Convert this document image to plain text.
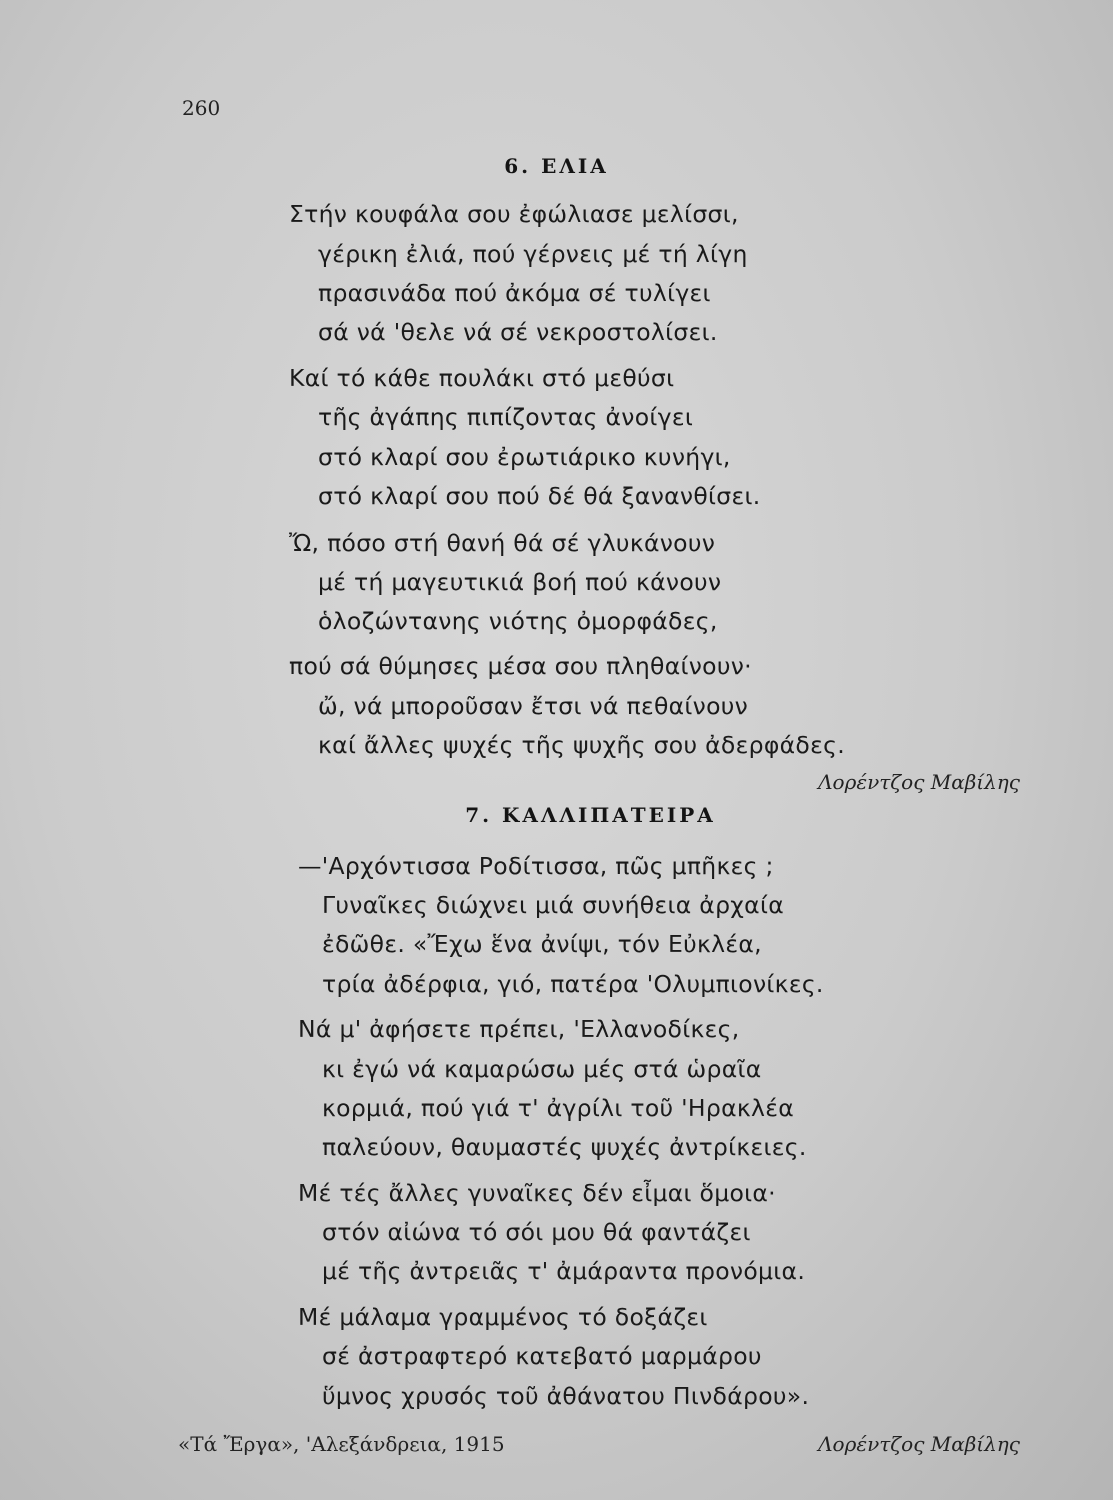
260
6. ΕΛΙΑ
Στήν κουφάλα σου ἐφώλιασε μελίσσι,
γέρικη ἐλιά, πού γέρνεις μέ τή λίγη
πρασινάδα πού ἀκόμα σέ τυλίγει
σά νά 'θελε νά σέ νεκροστολίσει.
Καί τό κάθε πουλάκι στό μεθύσι
τῆς ἀγάπης πιπίζοντας ἀνοίγει
στό κλαρί σου ἐρωτιάρικο κυνήγι,
στό κλαρί σου πού δέ θά ξανανθίσει.
Ὤ, πόσο στή θανή θά σέ γλυκάνουν
μέ τή μαγευτικιά βοή πού κάνουν
ὁλοζώντανης νιότης ὀμορφάδες,
πού σά θύμησες μέσα σου πληθαίνουν·
ὤ, νά μποροῦσαν ἔτσι νά πεθαίνουν
καί ἄλλες ψυχές τῆς ψυχῆς σου ἀδερφάδες.
Λορέντζος Μαβίλης
7. ΚΑΛΛΙΠΑΤΕΙΡΑ
—'Αρχόντισσα Ροδίτισσα, πῶς μπῆκες ;
Γυναῖκες διώχνει μιά συνήθεια ἀρχαία
ἐδῶθε. «Ἔχω ἕνα ἀνίψι, τόν Εὐκλέα,
τρία ἀδέρφια, γιό, πατέρα 'Ολυμπιονίκες.
Νά μ' ἀφήσετε πρέπει, 'Ελλανοδίκες,
κι ἐγώ νά καμαρώσω μές στά ὡραῖα
κορμιά, πού γιά τ' ἀγρίλι τοῦ 'Ηρακλέα
παλεύουν, θαυμαστές ψυχές ἀντρίκειες.
Μέ τές ἄλλες γυναῖκες δέν εἶμαι ὅμοια·
στόν αἰώνα τό σόι μου θά φαντάζει
μέ τῆς ἀντρειᾶς τ' ἀμάραντα προνόμια.
Μέ μάλαμα γραμμένος τό δοξάζει
σέ ἀστραφτερό κατεβατό μαρμάρου
ὕμνος χρυσός τοῦ ἀθάνατου Πινδάρου».
«Τά Ἔργα», 'Αλεξάνδρεια, 1915	Λορέντζος Μαβίλης
